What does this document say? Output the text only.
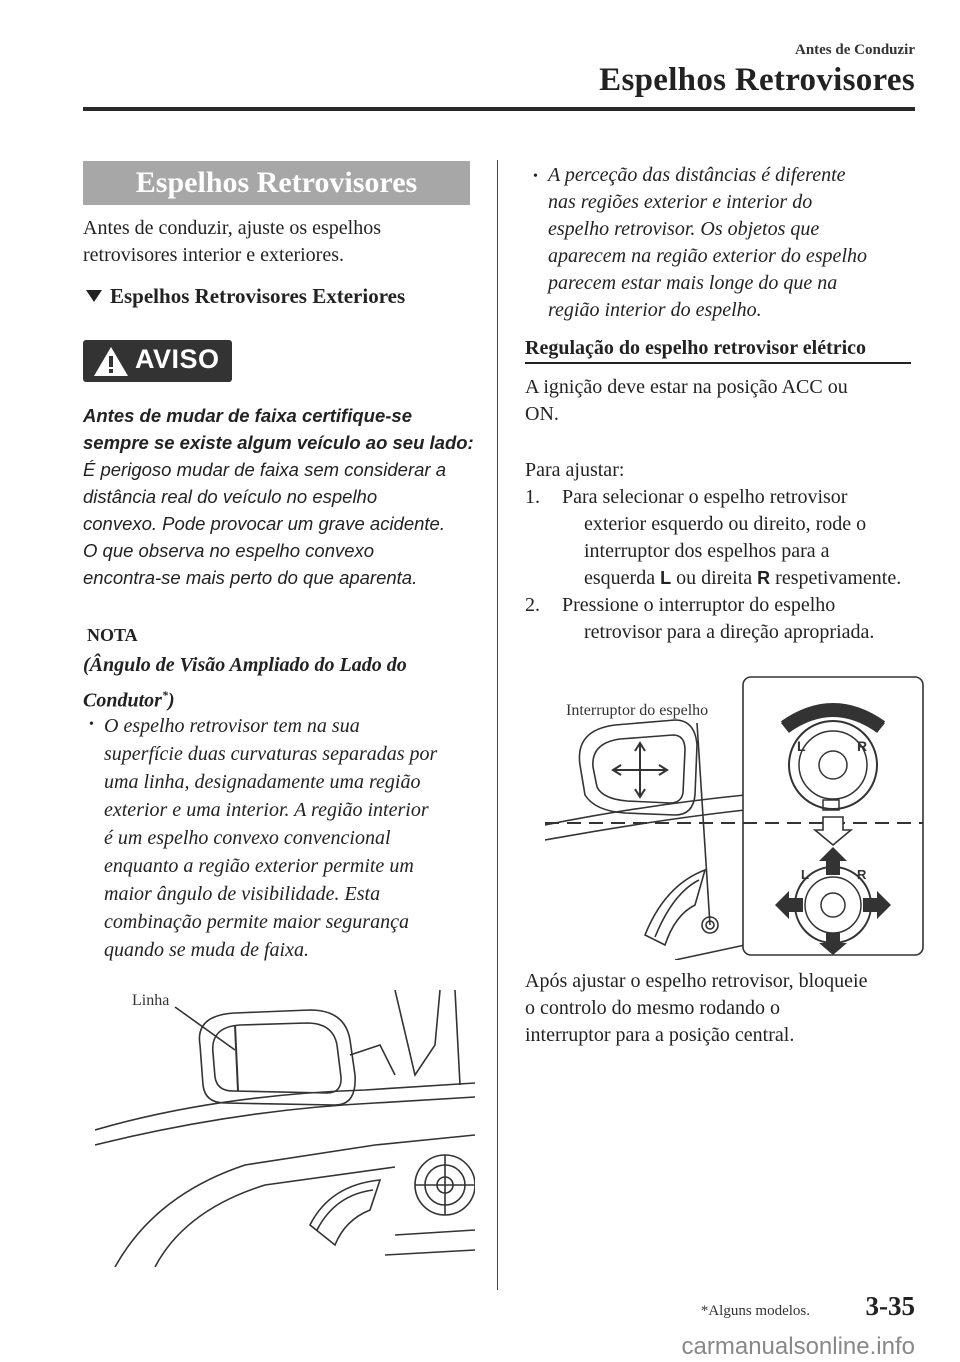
Antes de Conduzir
Espelhos Retrovisores
Espelhos Retrovisores
Antes de conduzir, ajuste os espelhos
retrovisores interior e exteriores.
Espelhos Retrovisores Exteriores
AVISO
Antes de mudar de faixa certifique-se
sempre se existe algum veículo ao seu lado:
É perigoso mudar de faixa sem considerar a
distância real do veículo no espelho
convexo. Pode provocar um grave acidente.
O que observa no espelho convexo
encontra-se mais perto do que aparenta.
NOTA
(Ângulo de Visão Ampliado do Lado do
Condutor*)
• O espelho retrovisor tem na sua
superfície duas curvaturas separadas por
uma linha, designadamente uma região
exterior e uma interior. A região interior
é um espelho convexo convencional
enquanto a região exterior permite um
maior ângulo de visibilidade. Esta
combinação permite maior segurança
quando se muda de faixa.
Linha
• A perceção das distâncias é diferente
nas regiões exterior e interior do
espelho retrovisor. Os objetos que
aparecem na região exterior do espelho
parecem estar mais longe do que na
região interior do espelho.
Regulação do espelho retrovisor elétrico
A ignição deve estar na posição ACC ou
ON.
Para ajustar:
1. Para selecionar o espelho retrovisor
exterior esquerdo ou direito, rode o
interruptor dos espelhos para a
esquerda L ou direita R respetivamente.
2. Pressione o interruptor do espelho
retrovisor para a direção apropriada.
Interruptor do espelho
L	R
L	R
Após ajustar o espelho retrovisor, bloqueie
o controlo do mesmo rodando o
interruptor para a posição central.
*Alguns modelos. 3-35
carmanualsonline.info
